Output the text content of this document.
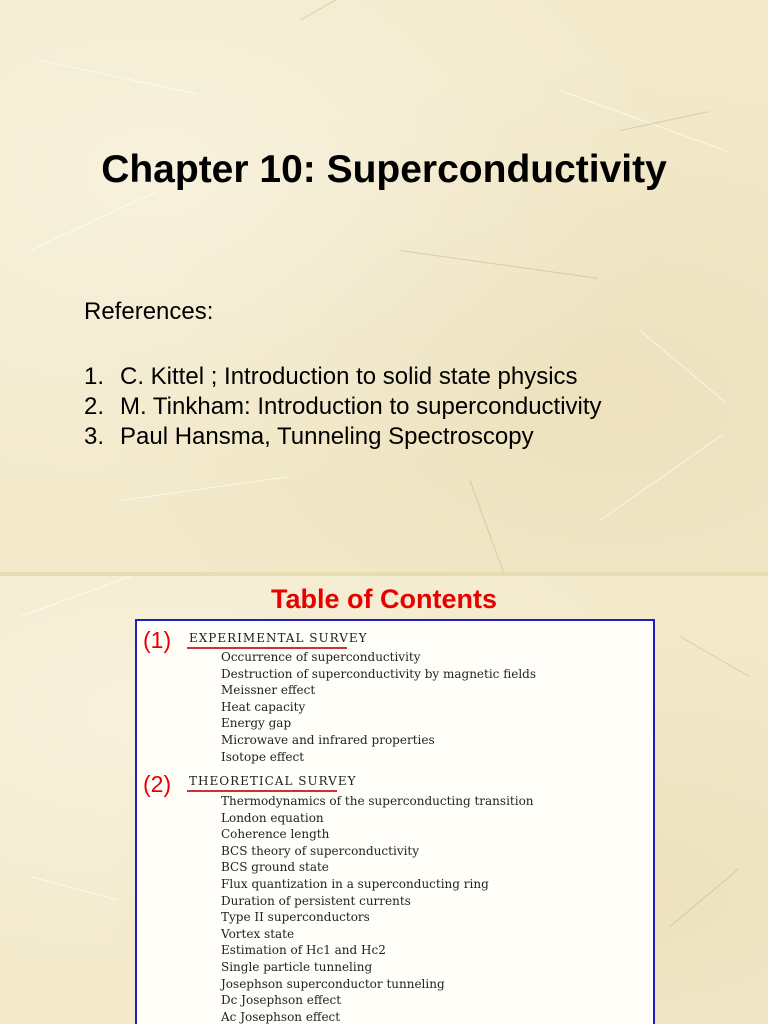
Chapter 10: Superconductivity
References:
1. C. Kittel ; Introduction to solid state physics
2. M. Tinkham: Introduction to superconductivity
3. Paul Hansma, Tunneling Spectroscopy
Table of Contents
(1) EXPERIMENTAL SURVEY
Occurrence of superconductivity
Destruction of superconductivity by magnetic fields
Meissner effect
Heat capacity
Energy gap
Microwave and infrared properties
Isotope effect
(2) THEORETICAL SURVEY
Thermodynamics of the superconducting transition
London equation
Coherence length
BCS theory of superconductivity
BCS ground state
Flux quantization in a superconducting ring
Duration of persistent currents
Type II superconductors
Vortex state
Estimation of Hc1 and Hc2
Single particle tunneling
Josephson superconductor tunneling
Dc Josephson effect
Ac Josephson effect
